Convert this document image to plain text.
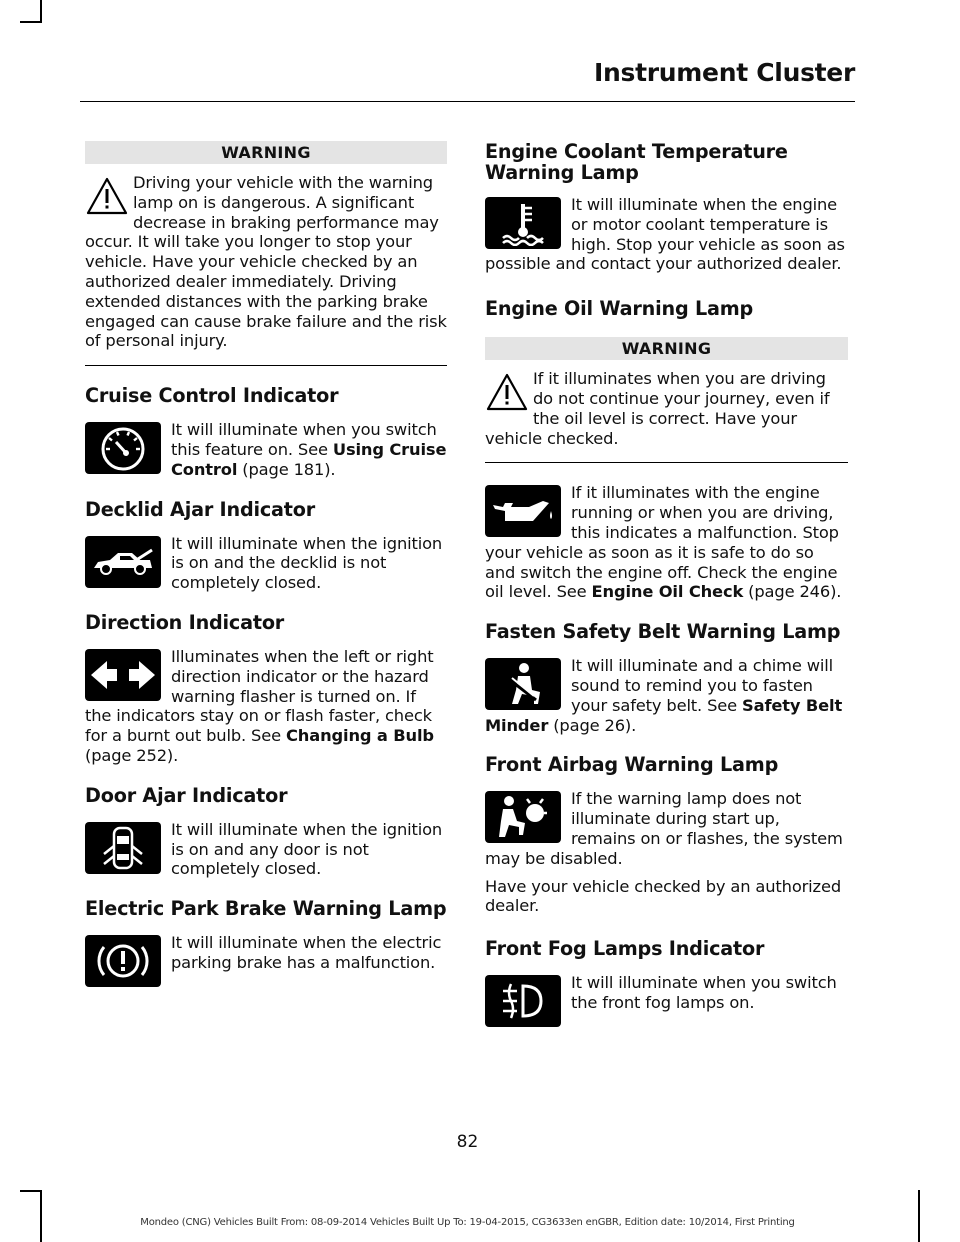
Instrument Cluster
WARNING
Driving your vehicle with the warning lamp on is dangerous. A significant decrease in braking performance may occur. It will take you longer to stop your vehicle. Have your vehicle checked by an authorized dealer immediately. Driving extended distances with the parking brake engaged can cause brake failure and the risk of personal injury.
Cruise Control Indicator
It will illuminate when you switch this feature on. See Using Cruise Control (page 181).
Decklid Ajar Indicator
It will illuminate when the ignition is on and the decklid is not completely closed.
Direction Indicator
Illuminates when the left or right direction indicator or the hazard warning flasher is turned on. If the indicators stay on or flash faster, check for a burnt out bulb. See Changing a Bulb (page 252).
Door Ajar Indicator
It will illuminate when the ignition is on and any door is not completely closed.
Electric Park Brake Warning Lamp
It will illuminate when the electric parking brake has a malfunction.
Engine Coolant Temperature Warning Lamp
It will illuminate when the engine or motor coolant temperature is high. Stop your vehicle as soon as possible and contact your authorized dealer.
Engine Oil Warning Lamp
WARNING
If it illuminates when you are driving do not continue your journey, even if the oil level is correct. Have your vehicle checked.
If it illuminates with the engine running or when you are driving, this indicates a malfunction. Stop your vehicle as soon as it is safe to do so and switch the engine off. Check the engine oil level. See Engine Oil Check (page 246).
Fasten Safety Belt Warning Lamp
It will illuminate and a chime will sound to remind you to fasten your safety belt. See Safety Belt Minder (page 26).
Front Airbag Warning Lamp
If the warning lamp does not illuminate during start up, remains on or flashes, the system may be disabled.

Have your vehicle checked by an authorized dealer.

Front Fog Lamps Indicator
It will illuminate when you switch the front fog lamps on.
82
Mondeo (CNG) Vehicles Built From: 08-09-2014 Vehicles Built Up To: 19-04-2015, CG3633en enGBR, Edition date: 10/2014, First Printing
